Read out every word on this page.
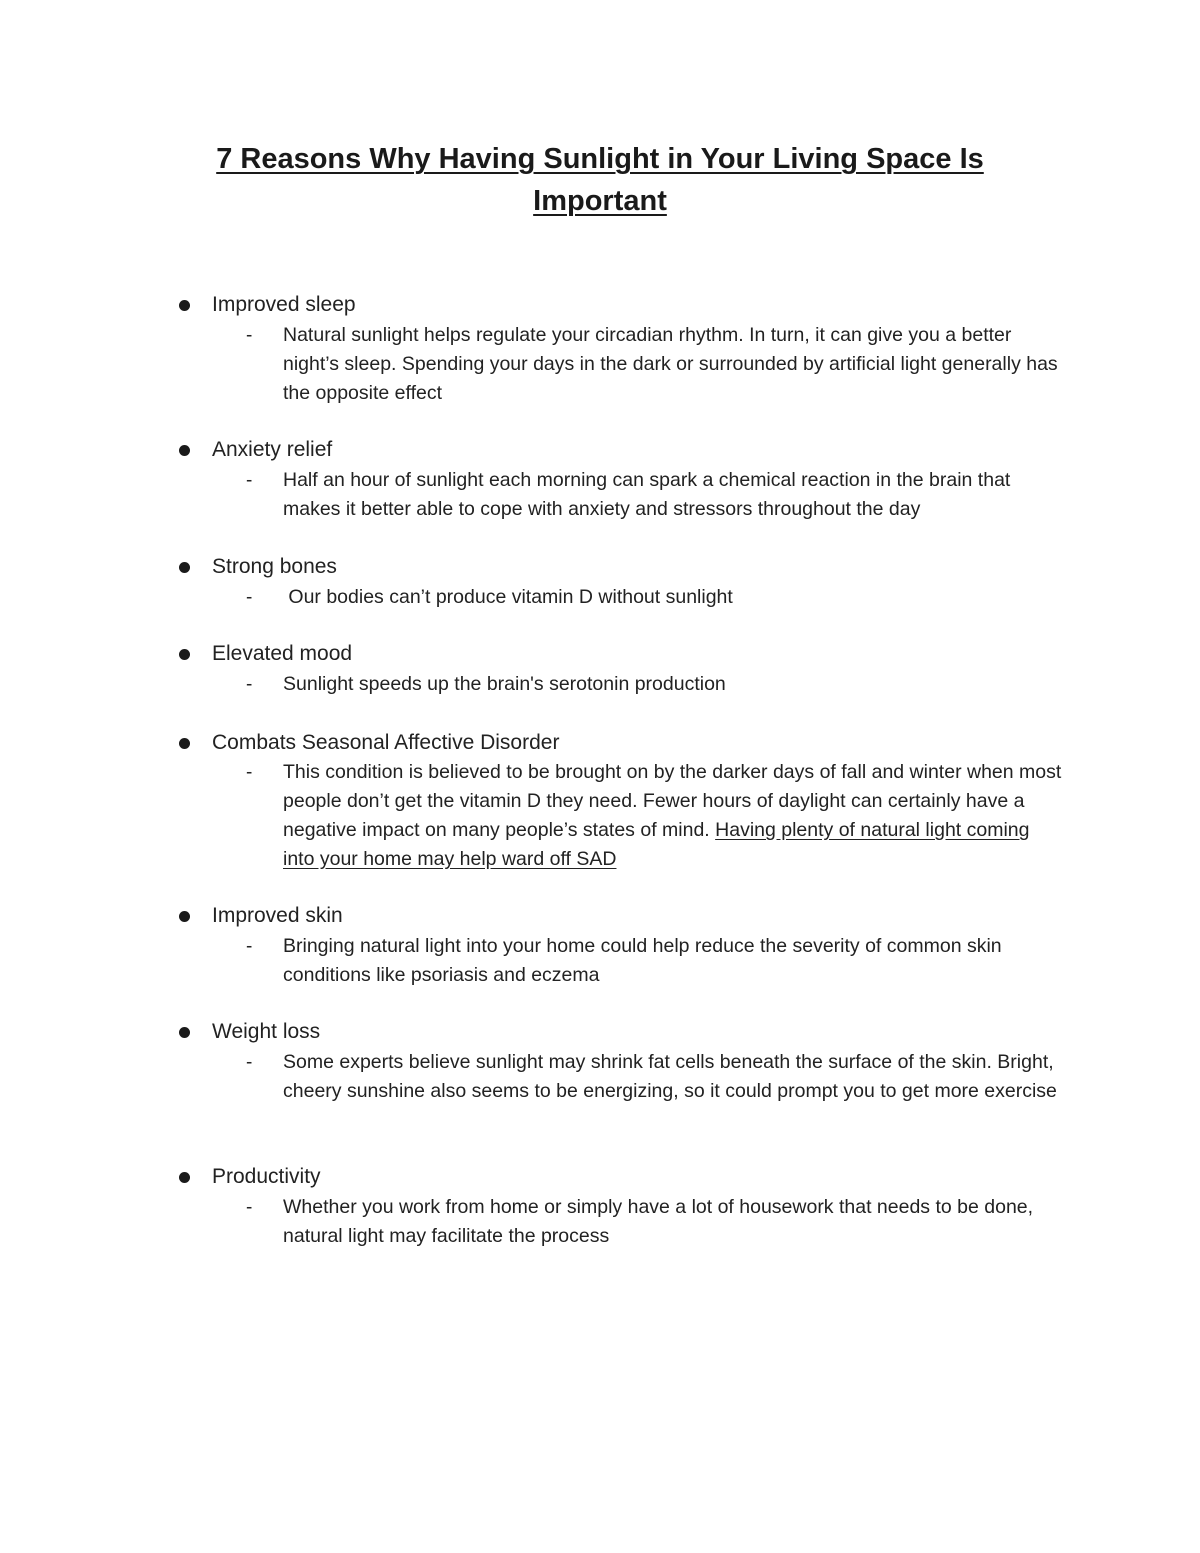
7 Reasons Why Having Sunlight in Your Living Space Is Important
Improved sleep
- Natural sunlight helps regulate your circadian rhythm. In turn, it can give you a better night’s sleep. Spending your days in the dark or surrounded by artificial light generally has the opposite effect

Anxiety relief
- Half an hour of sunlight each morning can spark a chemical reaction in the brain that makes it better able to cope with anxiety and stressors throughout the day

Strong bones
- Our bodies can’t produce vitamin D without sunlight

Elevated mood
- Sunlight speeds up the brain's serotonin production

Combats Seasonal Affective Disorder
- This condition is believed to be brought on by the darker days of fall and winter when most people don’t get the vitamin D they need. Fewer hours of daylight can certainly have a negative impact on many people’s states of mind. Having plenty of natural light coming into your home may help ward off SAD

Improved skin
- Bringing natural light into your home could help reduce the severity of common skin conditions like psoriasis and eczema

Weight loss
- Some experts believe sunlight may shrink fat cells beneath the surface of the skin. Bright, cheery sunshine also seems to be energizing, so it could prompt you to get more exercise

Productivity
- Whether you work from home or simply have a lot of housework that needs to be done, natural light may facilitate the process
